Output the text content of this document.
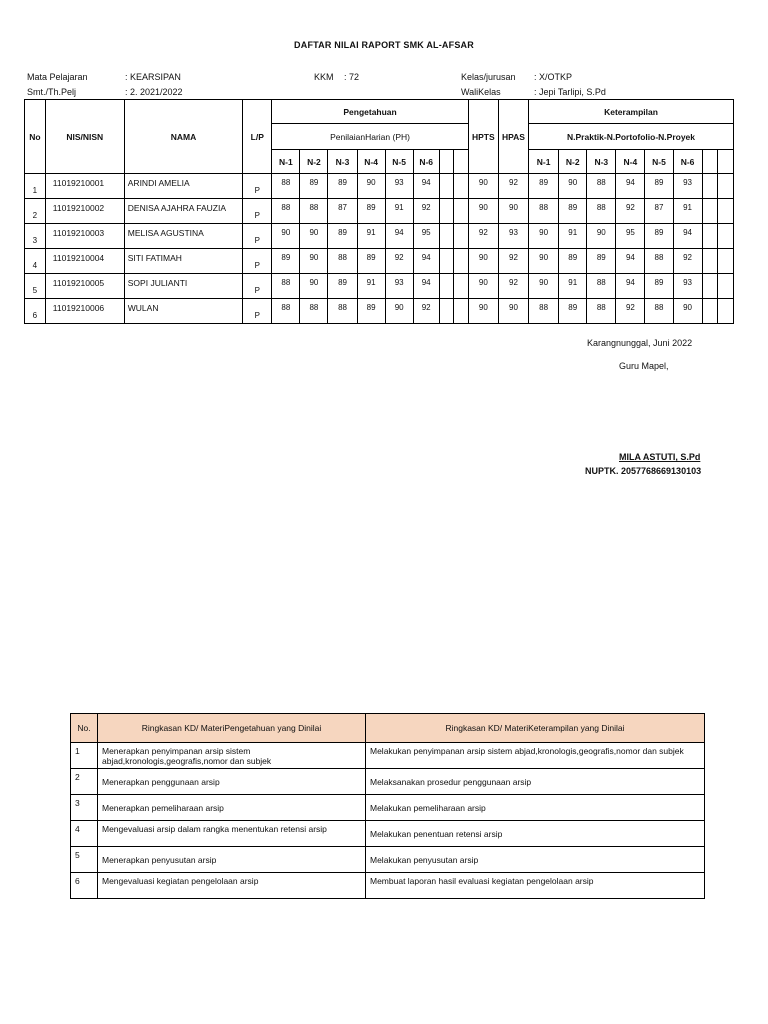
DAFTAR NILAI RAPORT SMK AL-AFSAR
Mata Pelajaran	: KEARSIPAN	KKM : 72	Kelas/jurusan : X/OTKP
Smt./Th.Pelj	: 2. 2021/2022	WaliKelas	: Jepi Tarlipi, S.Pd
No	NIS/NISN	NAMA	L/P	Pengetahuan								HPTS	HPAS	Keterampilan							
				PenilaianHarian (PH)										N.Praktik-N.Portofolio-N.Proyek							
				N-1	N-2	N-3	N-4	N-5	N-6					N-1	N-2	N-3	N-4	N-5	N-6		
1	11019210001	ARINDI AMELIA	P	88	89	89	90	93	94			90	92	89	90	88	94	89	93		
2	11019210002	DENISA AJAHRA FAUZIA	P	88	88	87	89	91	92			90	90	88	89	88	92	87	91		
3	11019210003	MELISA AGUSTINA	P	90	90	89	91	94	95			92	93	90	91	90	95	89	94		
4	11019210004	SITI FATIMAH	P	89	90	88	89	92	94			90	92	90	89	89	94	88	92		
5	11019210005	SOPI JULIANTI	P	88	90	89	91	93	94			90	92	90	91	88	94	89	93		
6	11019210006	WULAN	P	88	88	88	89	90	92			90	90	88	89	88	92	88	90		
Karangnunggal, Juni 2022
Guru Mapel,
MILA ASTUTI, S.Pd
NUPTK. 2057768669130103
No.	Ringkasan KD/ MateriPengetahuan yang Dinilai	Ringkasan KD/ MateriKeterampilan yang Dinilai
1	Menerapkan penyimpanan arsip sistem abjad,kronologis,geografis,nomor dan subjek	Melakukan penyimpanan arsip sistem abjad,kronologis,geografis,nomor dan subjek
2	Menerapkan penggunaan arsip	Melaksanakan prosedur penggunaan arsip
3	Menerapkan pemeliharaan arsip	Melakukan pemeliharaan arsip
4	Mengevaluasi arsip dalam rangka menentukan retensi arsip	Melakukan penentuan retensi arsip
5	Menerapkan penyusutan arsip	Melakukan penyusutan arsip
6	Mengevaluasi kegiatan pengelolaan arsip	Membuat laporan hasil evaluasi kegiatan pengelolaan arsip
